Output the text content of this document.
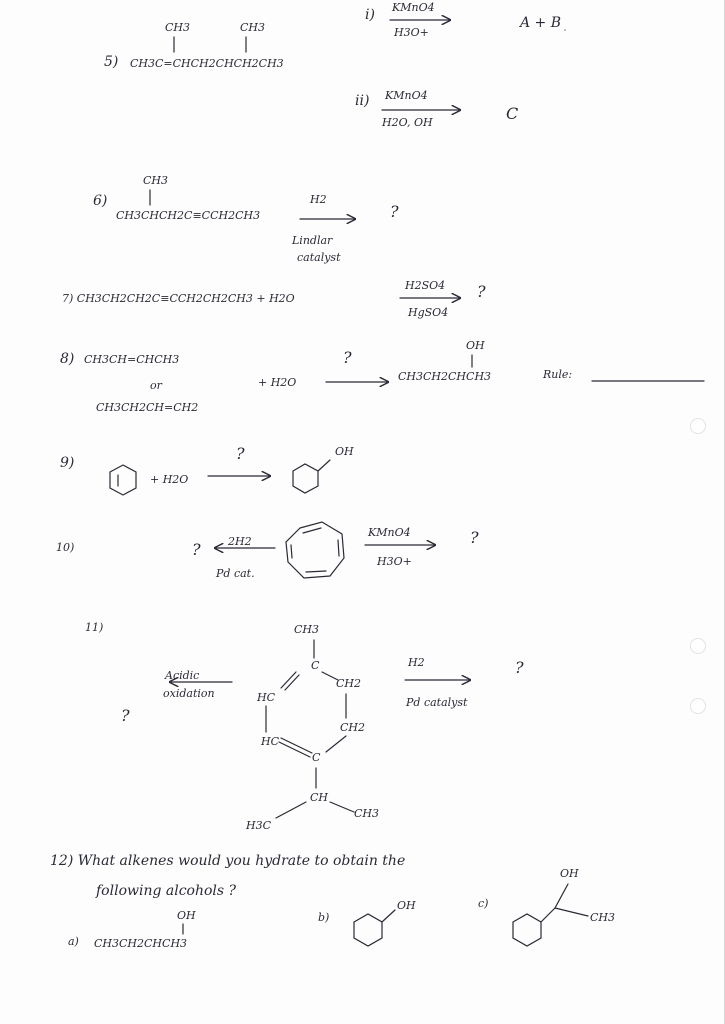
CH3	CH3
5) CH3C=CHCH2CHCH2CH3
i) KMnO4
H3O+
A + B
ii) KMnO4
H2O, OH	C
CH3
6)
CH3CHCH2C≡CCH2CH3
H2
Lindlar
catalyst
?
7) CH3CH2CH2C≡CCH2CH2CH3 + H2O
H2SO4
HgSO4
?
8) CH3CH=CHCH3
or
CH3CH2CH=CH2
+ H2O
?
OH
CH3CH2CHCH3	Rule:
9)
+ H2O
?	OH
10)	? 2H2
Pd cat.
KMnO4
H3O+
?
11)	CH3
C
CH2
CH2
HC
HC
C
CH
H3C
CH3
Acidic
oxidation
?
H2
Pd catalyst
?
12) What alkenes would you hydrate to obtain the
following alcohols ?
a)
OH
CH3CH2CHCH3
b)
OH	c)
OH
CH3
